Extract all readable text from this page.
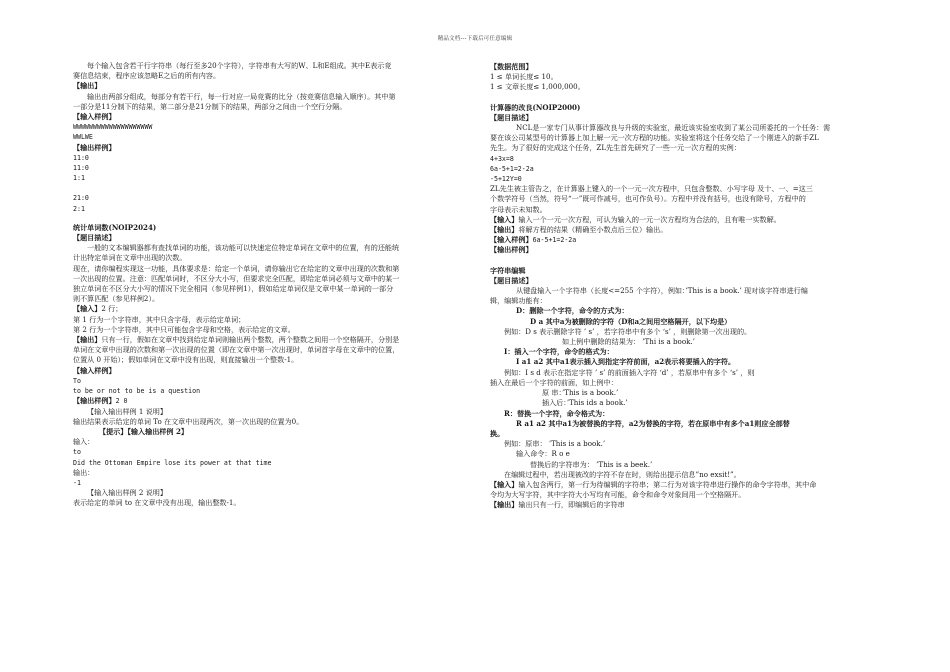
精品文档---下载后可任意编辑
每个输入包含若干行字符串（每行至多20个字符），字符串有大写的W、L和E组成。其中E表示竞
赛信息结束，程序应该忽略E之后的所有内容。
【输出】
输出由两部分组成，每部分有若干行，每一行对应一局竞赛的比分（按竞赛信息输入顺序）。其中第
一部分是11分制下的结果，第二部分是21分制下的结果，两部分之间由一个空行分隔。
【输入样例】
WWWWWWWWWWWWWWWWWWWW
WWLWE
【输出样例】
11:0
11:0
1:1
21:0
2:1
统计单词数(NOIP2024)
【题目描述】
一般的文本编辑器都有查找单词的功能，该功能可以快速定位特定单词在文章中的位置，有的还能统
计出特定单词在文章中出现的次数。
现在，请你编程实现这一功能，具体要求是：给定一个单词，请你输出它在给定的文章中出现的次数和第
一次出现的位置。注意：匹配单词时，不区分大小写，但要求完全匹配，即给定单词必须与文章中的某一
独立单词在不区分大小写的情况下完全相同（参见样例1），假如给定单词仅是文章中某一单词的一部分
则不算匹配（参见样例2）。
【输入】2 行；
第 1 行为一个字符串，其中只含字母，表示给定单词；
第 2 行为一个字符串，其中只可能包含字母和空格，表示给定的文章。
【输出】只有一行，假如在文章中找到给定单词则输出两个整数，两个整数之间用一个空格隔开，分别是
单词在文章中出现的次数和第一次出现的位置（即在文章中第一次出现时，单词首字母在文章中的位置，
位置从 0 开始）；假如单词在文章中没有出现，则直接输出一个整数-1。
【输入样例】
To
to be or not to be is a question
【输出样例】2 0
【输入输出样例 1 说明】
输出结果表示给定的单词 To 在文章中出现两次，第一次出现的位置为0。
【提示】【输入输出样例 2】
输入：
to
Did the Ottoman Empire lose its power at that time
输出：
-1
【输入输出样例 2 说明】
表示给定的单词 to 在文章中没有出现，输出整数-1。
【数据范围】
1 ≤ 单词长度≤ 10。
1 ≤ 文章长度≤ 1,000,000。
计算器的改良(NOIP2000)
【题目描述】
NCL是一家专门从事计算器改良与升级的实验室，最近该实验室收到了某公司所委托的一个任务：需
要在该公司某型号的计算器上加上解一元一次方程的功能。实验室将这个任务交给了一个刚进入的新手ZL
先生。为了很好的完成这个任务，ZL先生首先研究了一些一元一次方程的实例：
4+3x=8
6a-5+1=2-2a
-5+12Y=0
ZL先生被主管告之，在计算器上键入的一个一元一次方程中，只包含整数、小写字母 及十、一、=这三
个数学符号（当然，符号“一”既可作减号，也可作负号）。方程中并没有括号，也没有除号，方程中的
字母表示未知数。
【输入】输入一个一元一次方程，可认为输入的一元一次方程均为合法的，且有唯一实数解。
【输出】将解方程的结果（精确至小数点后三位）输出。
【输入样例】6a-5+1=2-2a
【输出样例】
字符串编辑
【题目描述】
从键盘输入一个字符串（长度<=255 个字符），例如：’This is a book.’ 现对该字符串进行编
辑，编辑功能有：
D：删除一个字符，命令的方式为：
D a 其中a为被删除的字符（D和a之间用空格隔开，以下均是）
例如：D s 表示删除字符 ’ s’ ，若字符串中有多个 ‘s’ ，则删除第一次出现的。
如上例中删除的结果为： ’Thi is a book.’
I：插入一个字符，命令的格式为：
I a1 a2 其中a1表示插入到指定字符前面，a2表示将要插入的字符。
例如：I s d 表示在指定字符 ’ s’ 的前面插入字符 ‘d’ ，若原串中有多个 ‘s’ ，则
插入在最后一个字符的前面，如上例中：
原 串：’This is a book.’
插入后：’This ids a book.’
R：替换一个字符，命令格式为：
R a1 a2 其中a1为被替换的字符，a2为替换的字符，若在原串中有多个a1则应全部替
换。
例如：原串： ’This is a book.’
输入命令：R o e
替换后的字符串为： ’This is a beek.’
在编辑过程中，若出现被改的字符不存在时，则给出提示信息”no exsit!”。
【输入】输入包含两行，第一行为待编辑的字符串；第二行为对该字符串进行操作的命令字符串，其中命
令均为大写字符，其中字符大小写均有可能，命令和命令对象间用一个空格隔开。
【输出】输出只有一行，即编辑后的字符串
